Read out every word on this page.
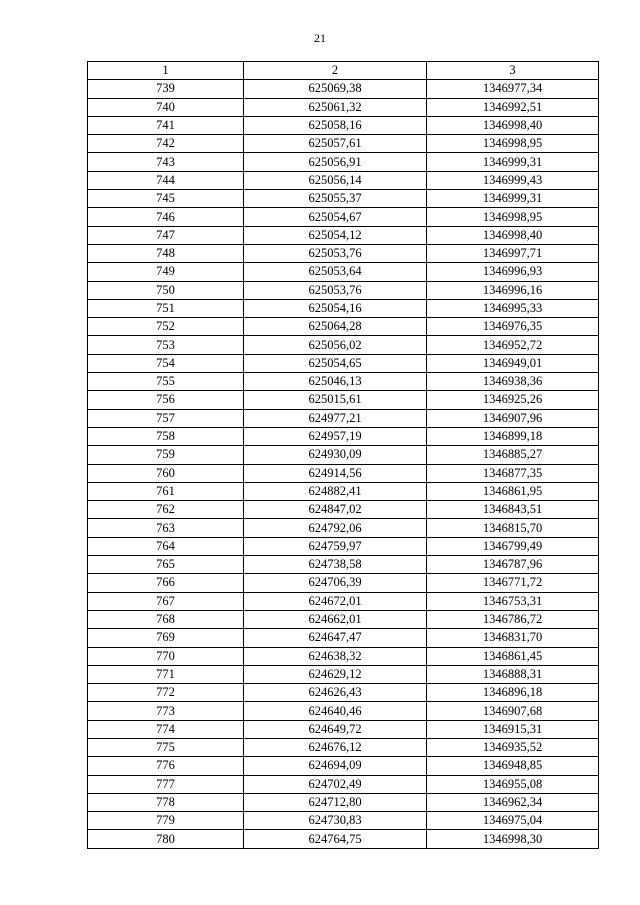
21
1	2	3
739	625069,38	1346977,34
740	625061,32	1346992,51
741	625058,16	1346998,40
742	625057,61	1346998,95
743	625056,91	1346999,31
744	625056,14	1346999,43
745	625055,37	1346999,31
746	625054,67	1346998,95
747	625054,12	1346998,40
748	625053,76	1346997,71
749	625053,64	1346996,93
750	625053,76	1346996,16
751	625054,16	1346995,33
752	625064,28	1346976,35
753	625056,02	1346952,72
754	625054,65	1346949,01
755	625046,13	1346938,36
756	625015,61	1346925,26
757	624977,21	1346907,96
758	624957,19	1346899,18
759	624930,09	1346885,27
760	624914,56	1346877,35
761	624882,41	1346861,95
762	624847,02	1346843,51
763	624792,06	1346815,70
764	624759,97	1346799,49
765	624738,58	1346787,96
766	624706,39	1346771,72
767	624672,01	1346753,31
768	624662,01	1346786,72
769	624647,47	1346831,70
770	624638,32	1346861,45
771	624629,12	1346888,31
772	624626,43	1346896,18
773	624640,46	1346907,68
774	624649,72	1346915,31
775	624676,12	1346935,52
776	624694,09	1346948,85
777	624702,49	1346955,08
778	624712,80	1346962,34
779	624730,83	1346975,04
780	624764,75	1346998,30
